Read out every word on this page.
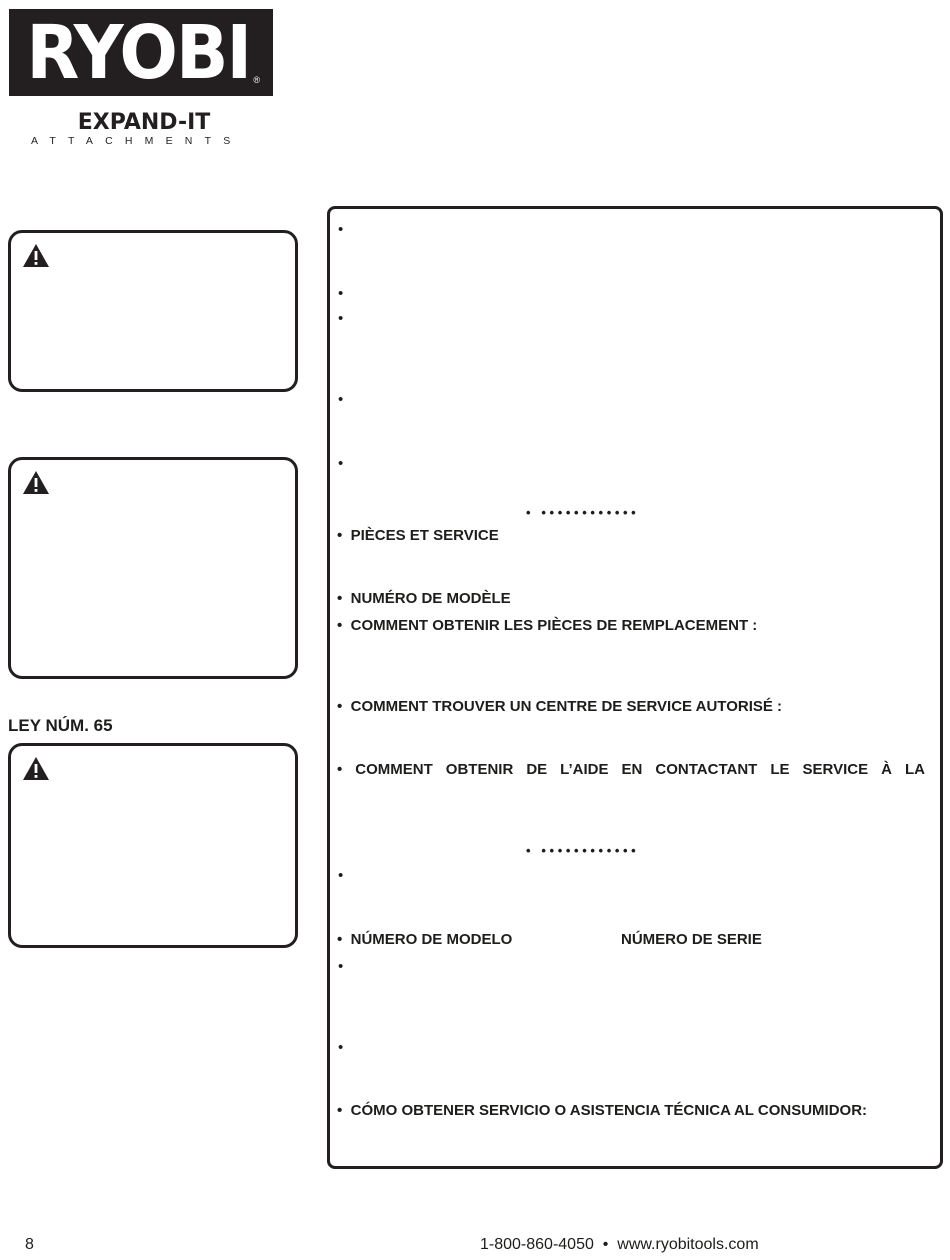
RYOBI ®
EXPAND-IT
ATTACHMENTS
LEY NÚM. 65
•
•
•
•
•
•   • • • • • • • • • • • •
• PIÈCES ET SERVICE
• NUMÉRO DE MODÈLE
• COMMENT OBTENIR LES PIÈCES DE REMPLACEMENT :
• COMMENT TROUVER UN CENTRE DE SERVICE AUTORISÉ :
• COMMENT OBTENIR DE L’AIDE EN CONTACTANT LE SERVICE À LA
•   • • • • • • • • • • • •
•
• NÚMERO DE MODELO	NÚMERO DE SERIE
•
•
• CÓMO OBTENER SERVICIO O ASISTENCIA TÉCNICA AL CONSUMIDOR:
8	1-800-860-4050 • www.ryobitools.com
